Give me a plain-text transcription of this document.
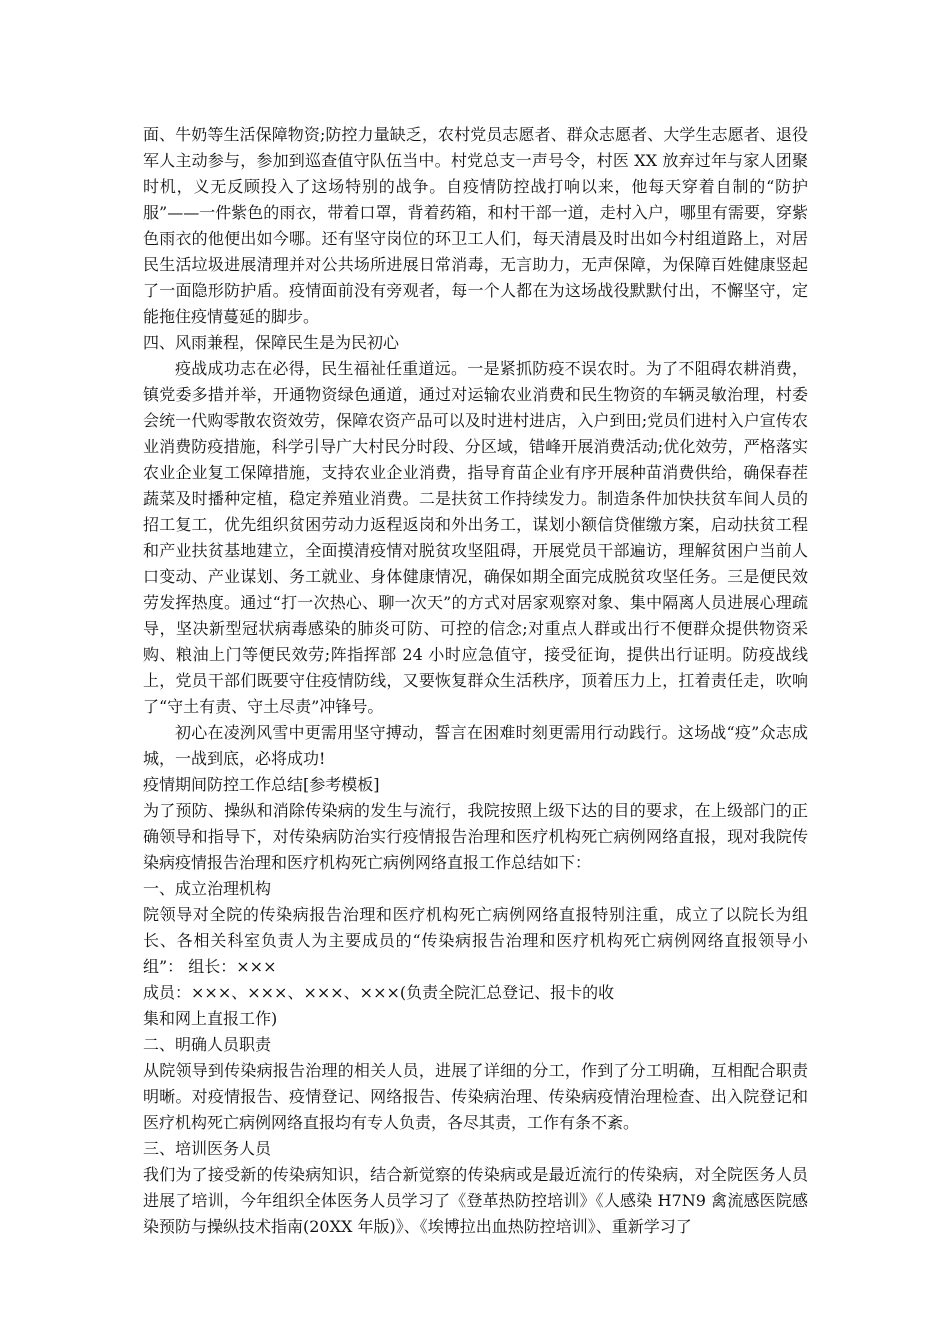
面、牛奶等生活保障物资;防控力量缺乏，农村党员志愿者、群众志愿者、大学生志愿者、退役军人主动参与，参加到巡查值守队伍当中。村党总支一声号令，村医 XX 放弃过年与家人团聚时机，义无反顾投入了这场特别的战争。自疫情防控战打响以来，他每天穿着自制的“防护服”——一件紫色的雨衣，带着口罩，背着药箱，和村干部一道，走村入户，哪里有需要，穿紫色雨衣的他便出如今哪。还有坚守岗位的环卫工人们，每天清晨及时出如今村组道路上，对居民生活垃圾进展清理并对公共场所进展日常消毒，无言助力，无声保障，为保障百姓健康竖起了一面隐形防护盾。疫情面前没有旁观者，每一个人都在为这场战役默默付出，不懈坚守，定能拖住疫情蔓延的脚步。

四、风雨兼程，保障民生是为民初心

疫战成功志在必得，民生福祉任重道远。一是紧抓防疫不误农时。为了不阻碍农耕消费，镇党委多措并举，开通物资绿色通道，通过对运输农业消费和民生物资的车辆灵敏治理，村委会统一代购零散农资效劳，保障农资产品可以及时进村进店，入户到田;党员们进村入户宣传农业消费防疫措施，科学引导广大村民分时段、分区域，错峰开展消费活动;优化效劳，严格落实农业企业复工保障措施，支持农业企业消费，指导育苗企业有序开展种苗消费供给，确保春茬蔬菜及时播种定植，稳定养殖业消费。二是扶贫工作持续发力。制造条件加快扶贫车间人员的招工复工，优先组织贫困劳动力返程返岗和外出务工，谋划小额信贷催缴方案，启动扶贫工程和产业扶贫基地建立，全面摸清疫情对脱贫攻坚阻碍，开展党员干部遍访，理解贫困户当前人口变动、产业谋划、务工就业、身体健康情况，确保如期全面完成脱贫攻坚任务。三是便民效劳发挥热度。通过“打一次热心、聊一次天”的方式对居家观察对象、集中隔离人员进展心理疏导，坚决新型冠状病毒感染的肺炎可防、可控的信念;对重点人群或出行不便群众提供物资采购、粮油上门等便民效劳;阵指挥部 24 小时应急值守，接受征询，提供出行证明。防疫战线上，党员干部们既要守住疫情防线，又要恢复群众生活秩序，顶着压力上，扛着责任走，吹响了“守土有责、守土尽责”冲锋号。

初心在凌洌风雪中更需用坚守搏动，誓言在困难时刻更需用行动践行。这场战“疫”众志成城，一战到底，必将成功!

疫情期间防控工作总结[参考模板]

为了预防、操纵和消除传染病的发生与流行，我院按照上级下达的目的要求，在上级部门的正确领导和指导下，对传染病防治实行疫情报告治理和医疗机构死亡病例网络直报，现对我院传染病疫情报告治理和医疗机构死亡病例网络直报工作总结如下：

一、成立治理机构

院领导对全院的传染病报告治理和医疗机构死亡病例网络直报特别注重，成立了以院长为组长、各相关科室负责人为主要成员的“传染病报告治理和医疗机构死亡病例网络直报领导小组”： 组长：×××

成员：×××、×××、×××、×××(负责全院汇总登记、报卡的收

集和网上直报工作)

二、明确人员职责

从院领导到传染病报告治理的相关人员，进展了详细的分工，作到了分工明确，互相配合职责明晰。对疫情报告、疫情登记、网络报告、传染病治理、传染病疫情治理检查、出入院登记和医疗机构死亡病例网络直报均有专人负责，各尽其责，工作有条不紊。

三、培训医务人员

我们为了接受新的传染病知识，结合新觉察的传染病或是最近流行的传染病，对全院医务人员进展了培训，今年组织全体医务人员学习了《登革热防控培训》《人感染 H7N9 禽流感医院感染预防与操纵技术指南(20XX 年版)》、《埃博拉出血热防控培训》、重新学习了
